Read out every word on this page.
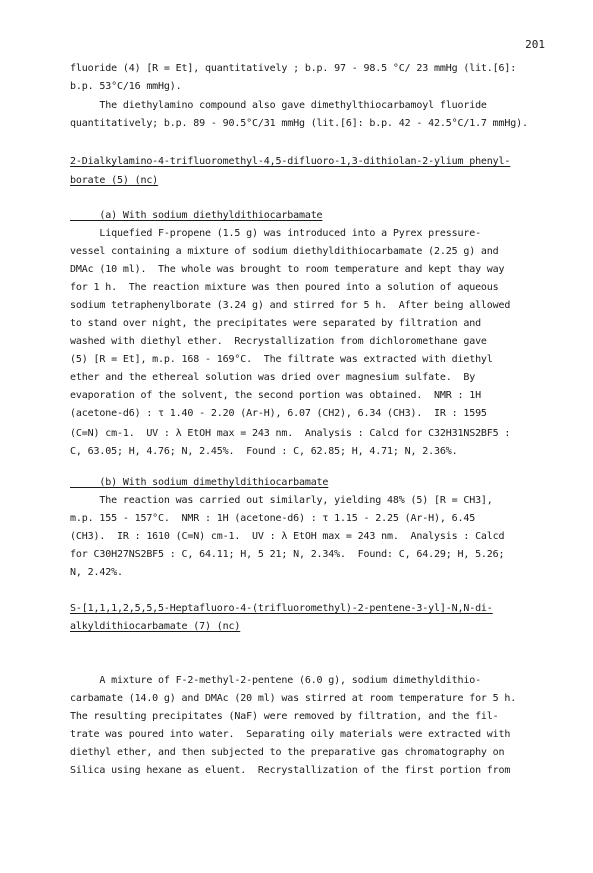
201
fluoride (4) [R = Et], quantitatively ; b.p. 97 - 98.5 °C/ 23 mmHg (lit.[6]:
b.p. 53°C/16 mmHg).
The diethylamino compound also gave dimethylthiocarbamoyl fluoride
quantitatively; b.p. 89 - 90.5°C/31 mmHg (lit.[6]: b.p. 42 - 42.5°C/1.7 mmHg).
2-Dialkylamino-4-trifluoromethyl-4,5-difluoro-1,3-dithiolan-2-ylium phenyl-
borate (5) (nc)
(a) With sodium diethyldithiocarbamate
Liquefied F-propene (1.5 g) was introduced into a Pyrex pressure-
vessel containing a mixture of sodium diethyldithiocarbamate (2.25 g) and
DMAc (10 ml).  The whole was brought to room temperature and kept thay way
for 1 h.  The reaction mixture was then poured into a solution of aqueous
sodium tetraphenylborate (3.24 g) and stirred for 5 h.  After being allowed
to stand over night, the precipitates were separated by filtration and
washed with diethyl ether.  Recrystallization from dichloromethane gave
(5) [R = Et], m.p. 168 - 169°C.  The filtrate was extracted with diethyl
ether and the ethereal solution was dried over magnesium sulfate.  By
evaporation of the solvent, the second portion was obtained.  NMR : 1H
(acetone-d6) : τ 1.40 - 2.20 (Ar-H), 6.07 (CH2), 6.34 (CH3).  IR : 1595
(C=N) cm-1.  UV : λ EtOH max = 243 nm.  Analysis : Calcd for C32H31NS2BF5 :
C, 63.05; H, 4.76; N, 2.45%.  Found : C, 62.85; H, 4.71; N, 2.36%.
(b) With sodium dimethyldithiocarbamate
The reaction was carried out similarly, yielding 48% (5) [R = CH3],
m.p. 155 - 157°C.  NMR : 1H (acetone-d6) : τ 1.15 - 2.25 (Ar-H), 6.45
(CH3).  IR : 1610 (C=N) cm-1.  UV : λ EtOH max = 243 nm.  Analysis : Calcd
for C30H27NS2BF5 : C, 64.11; H, 5 21; N, 2.34%.  Found: C, 64.29; H, 5.26;
N, 2.42%.
S-[1,1,1,2,5,5,5-Heptafluoro-4-(trifluoromethyl)-2-pentene-3-yl]-N,N-di-
alkyldithiocarbamate (7) (nc)
A mixture of F-2-methyl-2-pentene (6.0 g), sodium dimethyldithio-
carbamate (14.0 g) and DMAc (20 ml) was stirred at room temperature for 5 h.
The resulting precipitates (NaF) were removed by filtration, and the fil-
trate was poured into water.  Separating oily materials were extracted with
diethyl ether, and then subjected to the preparative gas chromatography on
Silica using hexane as eluent.  Recrystallization of the first portion from
